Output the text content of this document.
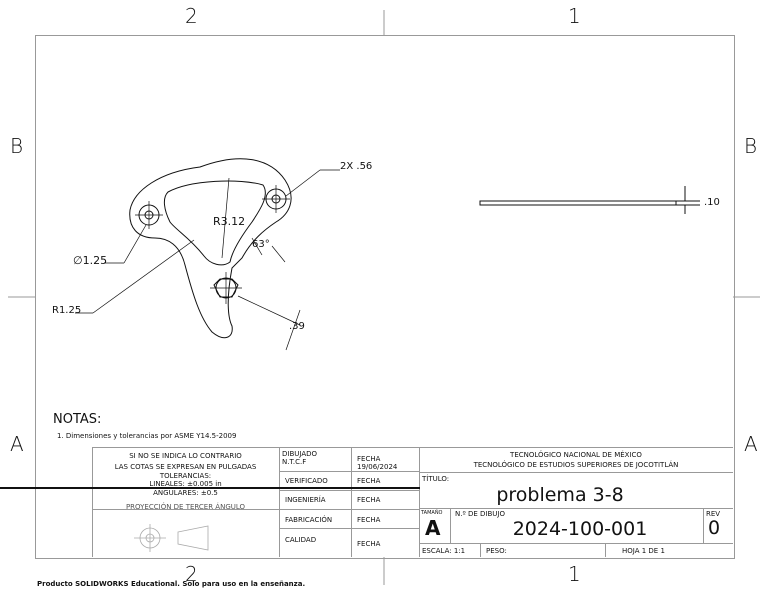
2	1
2	1
B
A
B
A
2X .56
R3.12
63°
∅1.25
R1.25
.39
.10
NOTAS:
1. Dimensiones y tolerancias por ASME Y14.5-2009
SI NO SE INDICA LO CONTRARIO
LAS COTAS SE EXPRESAN EN PULGADAS
TOLERANCIAS:
LINEALES: ±0.005 in
ANGULARES: ±0.5
PROYECCIÓN DE TERCER ÁNGULO
DIBUJADO
N.T.C.F	FECHA
19/06/2024
VERIFICADO	FECHA
INGENIERÍA	FECHA
FABRICACIÓN	FECHA
CALIDAD	FECHA
TECNOLÓGICO NACIONAL DE MÉXICO
TECNOLÓGICO DE ESTUDIOS SUPERIORES DE JOCOTITLÁN
TÍTULO:
problema 3-8
TAMAÑO
A
N.º DE DIBUJO
2024-100-001
REV
0
ESCALA: 1:1	PESO:	HOJA 1 DE 1
Producto SOLIDWORKS Educational. Solo para uso en la enseñanza.
